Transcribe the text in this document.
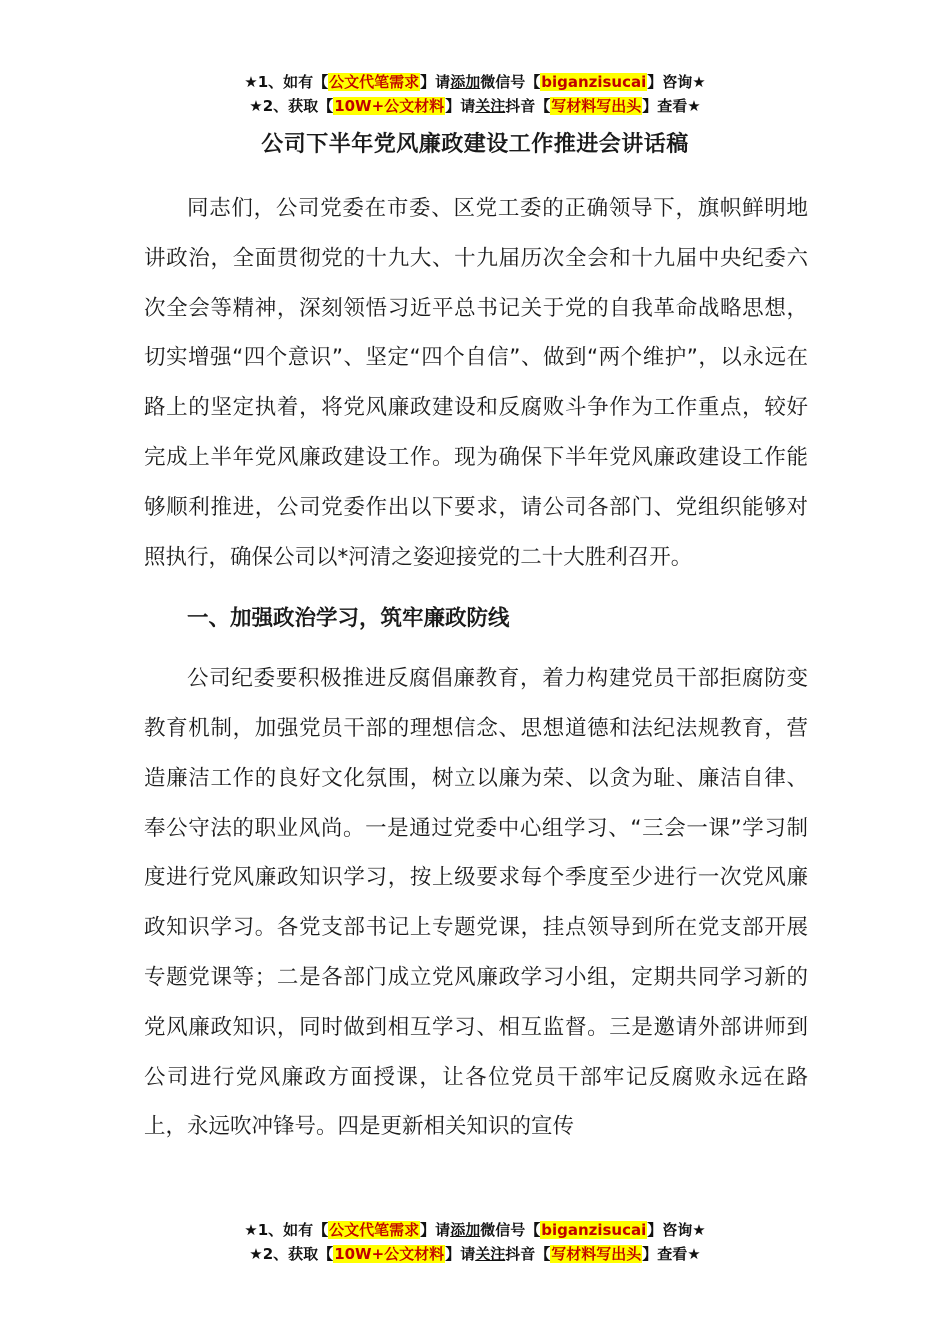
★1、如有【公文代笔需求】请添加微信号【biganzisucai】咨询★
★2、获取【10W+公文材料】请关注抖音【写材料写出头】查看★
公司下半年党风廉政建设工作推进会讲话稿

同志们，公司党委在市委、区党工委的正确领导下，旗帜鲜明地讲政治，全面贯彻党的十九大、十九届历次全会和十九届中央纪委六次全会等精神，深刻领悟习近平总书记关于党的自我革命战略思想，切实增强“四个意识”、坚定“四个自信”、做到“两个维护”，以永远在路上的坚定执着，将党风廉政建设和反腐败斗争作为工作重点，较好完成上半年党风廉政建设工作。现为确保下半年党风廉政建设工作能够顺利推进，公司党委作出以下要求，请公司各部门、党组织能够对照执行，确保公司以*河清之姿迎接党的二十大胜利召开。

一、加强政治学习，筑牢廉政防线

公司纪委要积极推进反腐倡廉教育，着力构建党员干部拒腐防变教育机制，加强党员干部的理想信念、思想道德和法纪法规教育，营造廉洁工作的良好文化氛围，树立以廉为荣、以贪为耻、廉洁自律、奉公守法的职业风尚。一是通过党委中心组学习、“三会一课”学习制度进行党风廉政知识学习，按上级要求每个季度至少进行一次党风廉政知识学习。各党支部书记上专题党课，挂点领导到所在党支部开展专题党课等；二是各部门成立党风廉政学习小组，定期共同学习新的党风廉政知识，同时做到相互学习、相互监督。三是邀请外部讲师到公司进行党风廉政方面授课，让各位党员干部牢记反腐败永远在路上，永远吹冲锋号。四是更新相关知识的宣传

★1、如有【公文代笔需求】请添加微信号【biganzisucai】咨询★
★2、获取【10W+公文材料】请关注抖音【写材料写出头】查看★
